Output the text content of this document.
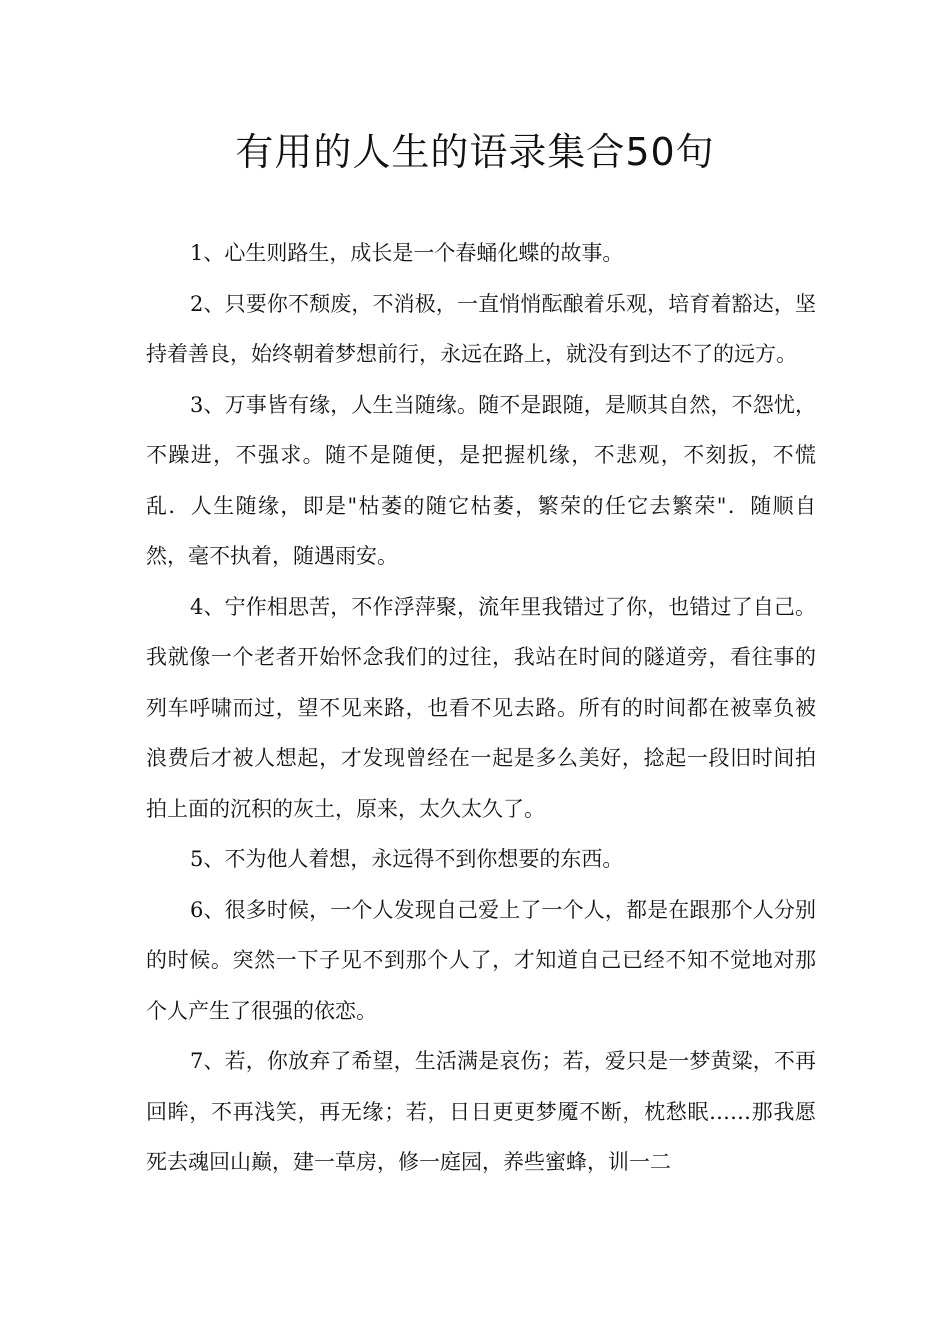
有用的人生的语录集合50句

1、心生则路生，成长是一个春蛹化蝶的故事。

2、只要你不颓废，不消极，一直悄悄酝酿着乐观，培育着豁达，坚持着善良，始终朝着梦想前行，永远在路上，就没有到达不了的远方。

3、万事皆有缘，人生当随缘。随不是跟随，是顺其自然，不怨忧，不躁进，不强求。随不是随便，是把握机缘，不悲观，不刻扳，不慌乱．人生随缘，即是"枯萎的随它枯萎，繁荣的任它去繁荣"．随顺自然，毫不执着，随遇雨安。

4、宁作相思苦，不作浮萍聚，流年里我错过了你，也错过了自己。我就像一个老者开始怀念我们的过往，我站在时间的隧道旁，看往事的列车呼啸而过，望不见来路，也看不见去路。所有的时间都在被辜负被浪费后才被人想起，才发现曾经在一起是多么美好，捻起一段旧时间拍拍上面的沉积的灰土，原来，太久太久了。

5、不为他人着想，永远得不到你想要的东西。

6、很多时候，一个人发现自己爱上了一个人，都是在跟那个人分别的时候。突然一下子见不到那个人了，才知道自己已经不知不觉地对那个人产生了很强的依恋。

7、若，你放弃了希望，生活满是哀伤；若，爱只是一梦黄粱，不再回眸，不再浅笑，再无缘；若，日日更更梦魇不断，枕愁眠……那我愿死去魂回山巅，建一草房，修一庭园，养些蜜蜂，训一二
